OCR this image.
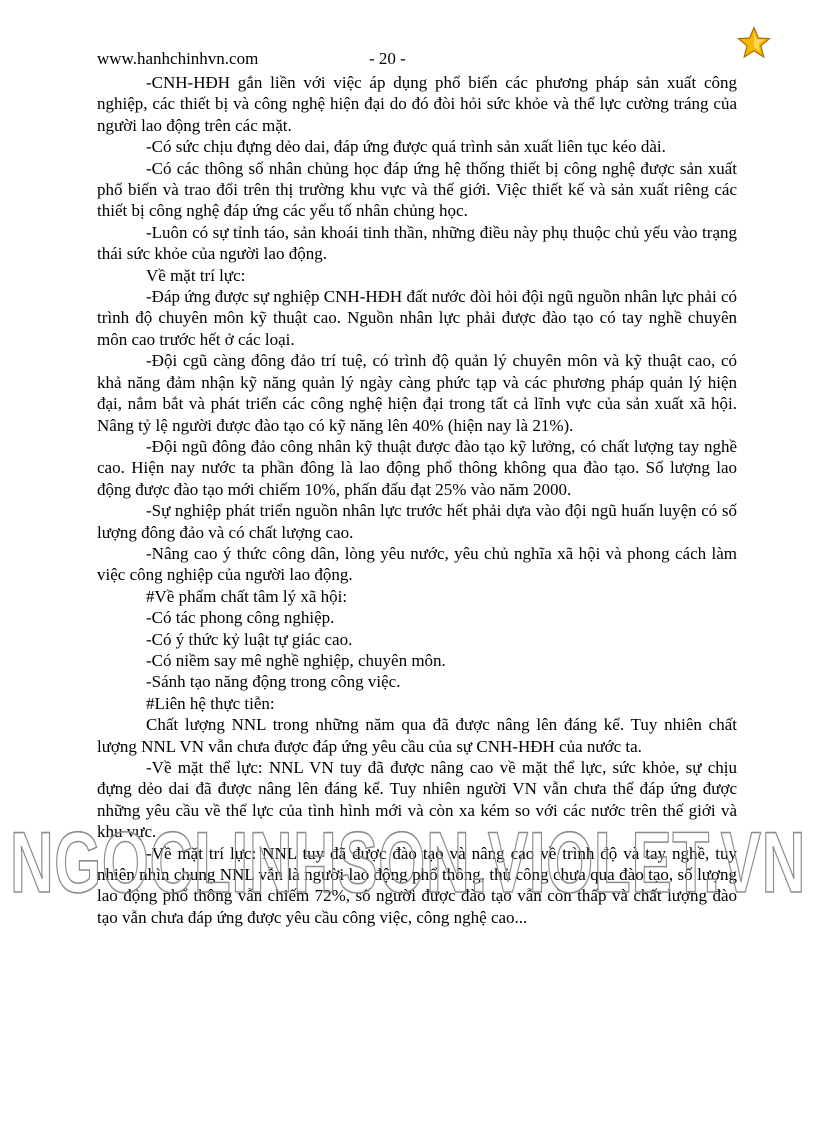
www.hanhchinhvn.com	- 20 -

-CNH-HĐH gắn liền với việc áp dụng phổ biến các phương pháp sản xuất công nghiệp, các thiết bị và công nghệ hiện đại do đó đòi hỏi sức khỏe và thể lực cường tráng của người lao động trên các mặt.

-Có sức chịu đựng dẻo dai, đáp ứng được quá trình sản xuất liên tục kéo dài.

-Có các thông số nhân chủng học đáp ứng hệ thống thiết bị công nghệ được sản xuất phổ biến và trao đổi trên thị trường khu vực và thế giới. Việc thiết kế và sản xuất riêng các thiết bị công nghệ đáp ứng các yếu tố nhân chủng học.

-Luôn có sự tỉnh táo, sản khoái tinh thần, những điều này phụ thuộc chủ yếu vào trạng thái sức khỏe của người lao động.

Về mặt trí lực:

-Đáp ứng được sự nghiệp CNH-HĐH đất nước đòi hỏi đội ngũ nguồn nhân lực phải có trình độ chuyên môn kỹ thuật cao. Nguồn nhân lực phải được đào tạo có tay nghề chuyên môn cao trước hết ở các loại.

-Đội cgũ càng đông đảo trí tuệ, có trình độ quản lý chuyên môn và kỹ thuật cao, có khả năng đảm nhận kỹ năng quản lý ngày càng phức tạp và các phương pháp quản lý hiện đại, nắm bắt và phát triển các công nghệ hiện đại trong tất cả lĩnh vực của sản xuất xã hội. Nâng tỷ lệ người được đào tạo có kỹ năng lên 40% (hiện nay là 21%).

-Đội ngũ đông đảo công nhân kỹ thuật được đào tạo kỹ lưởng, có chất lượng tay nghề cao. Hiện nay nước ta phần đông là lao động phổ thông không qua đào tạo. Số lượng lao động được đào tạo mới chiếm 10%, phấn đấu đạt 25% vào năm 2000.

-Sự nghiệp phát triển nguồn nhân lực trước hết phải dựa vào đội ngũ huấn luyện có số lượng đông đảo và có chất lượng cao.

-Nâng cao ý thức công dân, lòng yêu nước, yêu chủ nghĩa xã hội và phong cách làm việc công nghiệp của người lao động.

#Về phẩm chất tâm lý xã hội:

-Có tác phong công nghiệp.

-Có ý thức kỷ luật tự giác cao.

-Có niềm say mê nghề nghiệp, chuyên môn.

-Sánh tạo năng động trong công việc.

#Liên hệ thực tiễn:

Chất lượng NNL trong những năm qua đã được nâng lên đáng kể. Tuy nhiên chất lượng NNL VN vẫn chưa được đáp ứng yêu cầu của sự CNH-HĐH của nước ta.

-Về mặt thể lực: NNL VN tuy đã được nâng cao về mặt thể lực, sức khỏe, sự chịu đựng dẻo dai đã được nâng lên đáng kể. Tuy nhiên người VN vẫn chưa thể đáp ứng được những yêu cầu về thể lực của tình hình mới và còn xa kém so với các nước trên thế giới và khu vực.

-Về mặt trí lực: NNL tuy đã được đào tạo và nâng cao về trình độ và tay nghề, tuy nhiên nhìn chung NNL vẫn là người lao động phổ thông, thủ công chưa qua đào tạo, số lượng lao động phổ thông vẫn chiếm 72%, số người được đào tạo vẫn còn thấp và chất lượng đào tạo vẫn chưa đáp ứng được yêu cầu công việc, công nghệ cao...

NGOCLINHSON.VIOLET.VN
